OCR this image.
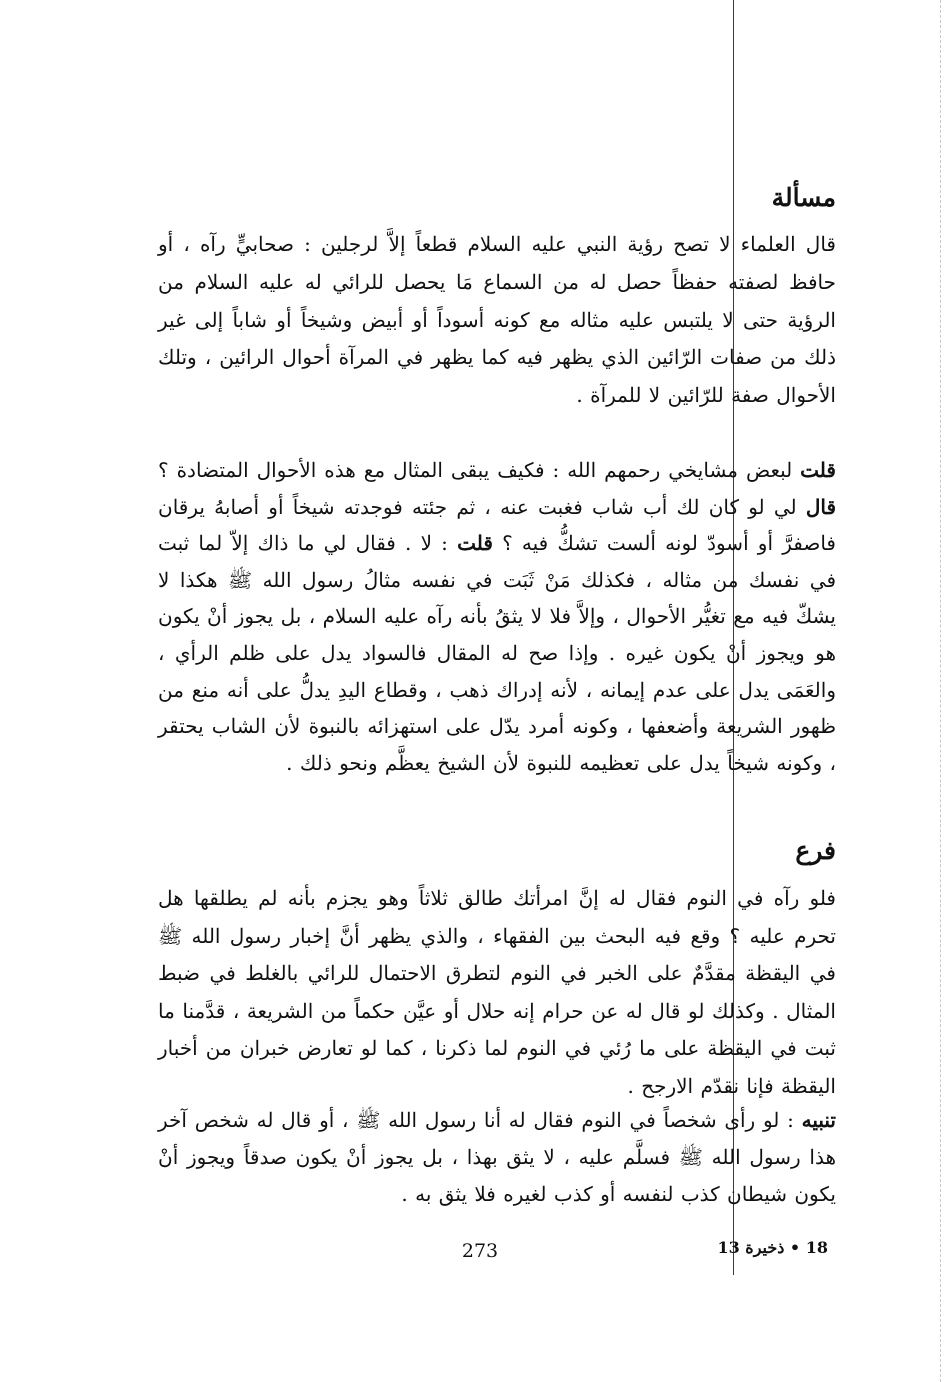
مسألة

قال العلماء لا تصح رؤية النبي عليه السلام قطعاً إلاَّ لرجلين : صحابيٍّ رآه ، أو حافظ لصفته حفظاً حصل له من السماع مَا يحصل للرائي له عليه السلام من الرؤية حتى لا يلتبس عليه مثاله مع كونه أسوداً أو أبيض وشيخاً أو شاباً إلى غير ذلك من صفات الرّائين الذي يظهر فيه كما يظهر في المرآة أحوال الرائين ، وتلك الأحوال صفة للرّائين لا للمرآة .

قلت لبعض مشايخي رحمهم الله : فكيف يبقى المثال مع هذه الأحوال المتضادة ؟ قال لي لو كان لك أب شاب فغبت عنه ، ثم جئته فوجدته شيخاً أو أصابهُ يرقان فاصفرَّ أو أسودّ لونه ألست تشكُّ فيه ؟ قلت : لا . فقال لي ما ذاك إلاّ لما ثبت في نفسك من مثاله ، فكذلك مَنْ ثَبَت في نفسه مثالُ رسول الله ﷺ هكذا لا يشكّ فيه مع تغيُّر الأحوال ، وإلاَّ فلا لا يثقُ بأنه رآه عليه السلام ، بل يجوز أنْ يكون هو ويجوز أنْ يكون غيره . وإذا صح له المقال فالسواد يدل على ظلم الرأي ، والعَمَى يدل على عدم إيمانه ، لأنه إدراك ذهب ، وقطاع اليدِ يدلُّ على أنه منع من ظهور الشريعة وأضعفها ، وكونه أمرد يدّل على استهزائه بالنبوة لأن الشاب يحتقر ، وكونه شيخاً يدل على تعظيمه للنبوة لأن الشيخ يعظَّم ونحو ذلك .

فرع

فلو رآه في النوم فقال له إنَّ امرأتك طالق ثلاثاً وهو يجزم بأنه لم يطلقها هل تحرم عليه ؟ وقع فيه البحث بين الفقهاء ، والذي يظهر أنَّ إخبار رسول الله ﷺ في اليقظة مقدَّمٌ على الخبر في النوم لتطرق الاحتمال للرائي بالغلط في ضبط المثال . وكذلك لو قال له عن حرام إنه حلال أو عيَّن حكماً من الشريعة ، قدَّمنا ما ثبت في اليقظة على ما رُئي في النوم لما ذكرنا ، كما لو تعارض خبران من أخبار اليقظة فإنا نقدّم الارجح .

تنبيه : لو رأى شخصاً في النوم فقال له أنا رسول الله ﷺ ، أو قال له شخص آخر هذا رسول الله ﷺ فسلَّم عليه ، لا يثق بهذا ، بل يجوز أنْ يكون صدقاً ويجوز أنْ يكون شيطان كذب لنفسه أو كذب لغيره فلا يثق به .

273	18 • ذخيرة 13
